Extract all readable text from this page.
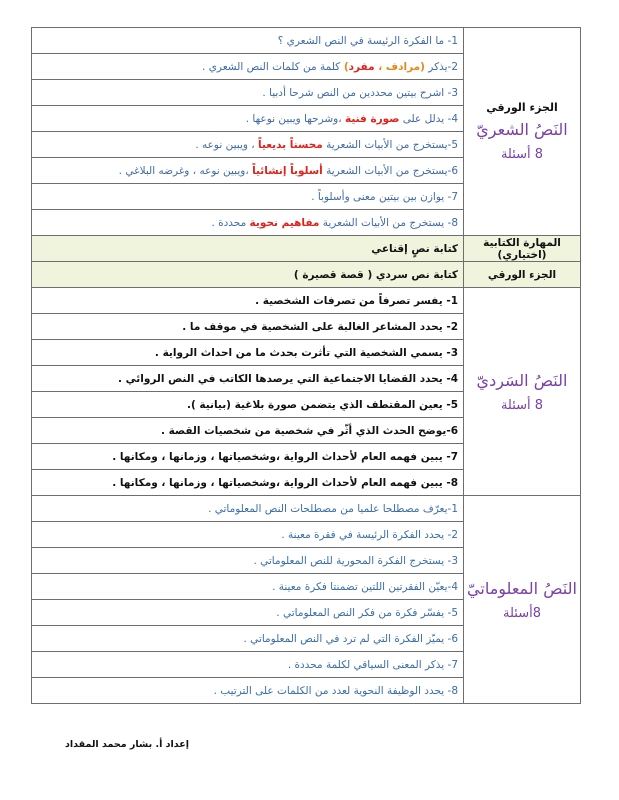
الجزء الورقي
النَصُ الشعريّ
8 أسئلة	1- ما الفكرة الرئيسة في النص الشعري ؟
	2-يذكر (مرادف ، مفرد) كلمة من كلمات النص الشعري .
	3- اشرح بيتين محددين من النص شرحا أدبيا .
	4- يدلل على صورة فنية ،وشرحها ويبين نوعها .
	5-يستخرج من الأبيات الشعرية محسناً بديعياً ، ويبين نوعه .
	6-يستخرج من الأبيات الشعرية أسلوباً إنشائياً ،ويبين نوعه ، وغرضه البلاغي .
	7- يوازن بين بيتين معنى وأسلوباً .
	8- يستخرج من الأبيات الشعرية مفاهيم نحوية محددة .
المهارة الكتابية (اختياري)	كتابة نصٍ إقناعي
الجزء الورقي	كتابة نص سردي ( قصة قصيرة )

النَصُ السَرديّ
8 أسئلة	1- يفسر تصرفاً من تصرفات الشخصية .
	2- يحدد المشاعر الغالبة على الشخصية في موقف ما .
	3- يسمي الشخصية التي تأثرت بحدث ما من احداث الرواية .
	4- يحدد القضايا الاجتماعية التي يرصدها الكاتب في النص الروائي .
	5- يعين المقتطف الذي يتضمن صورة بلاغية (بيانية ).
	6-يوضح الحدث الذي أثّر في شخصية من شخصيات القصة .
	7- يبين فهمه العام لأحداث الرواية ،وشخصياتها ، وزمانها ، ومكانها .
	8- يبين فهمه العام لأحداث الرواية ،وشخصياتها ، وزمانها ، ومكانها .

النَصُ المعلوماتيّ
8أسئلة	1-يعرّف مصطلحا علميا من مصطلحات النص المعلوماتي .
	2- يحدد الفكرة الرئيسة في فقرة معينة .
	3- يستخرج الفكرة المحورية للنص المعلوماتي .
	4-يعيّن الفقرتين اللتين تضمنتا فكرة معينة .
	5- يفسّر فكرة من فكر النص المعلوماتي .
	6- يميّز الفكرة التي لم ترد في النص المعلوماتي .
	7- يذكر المعنى السياقي لكلمة محددة .
	8- يحدد الوظيفة النحوية لعدد من الكلمات على الترتيب .
إعداد أ. بشار محمد المقداد
